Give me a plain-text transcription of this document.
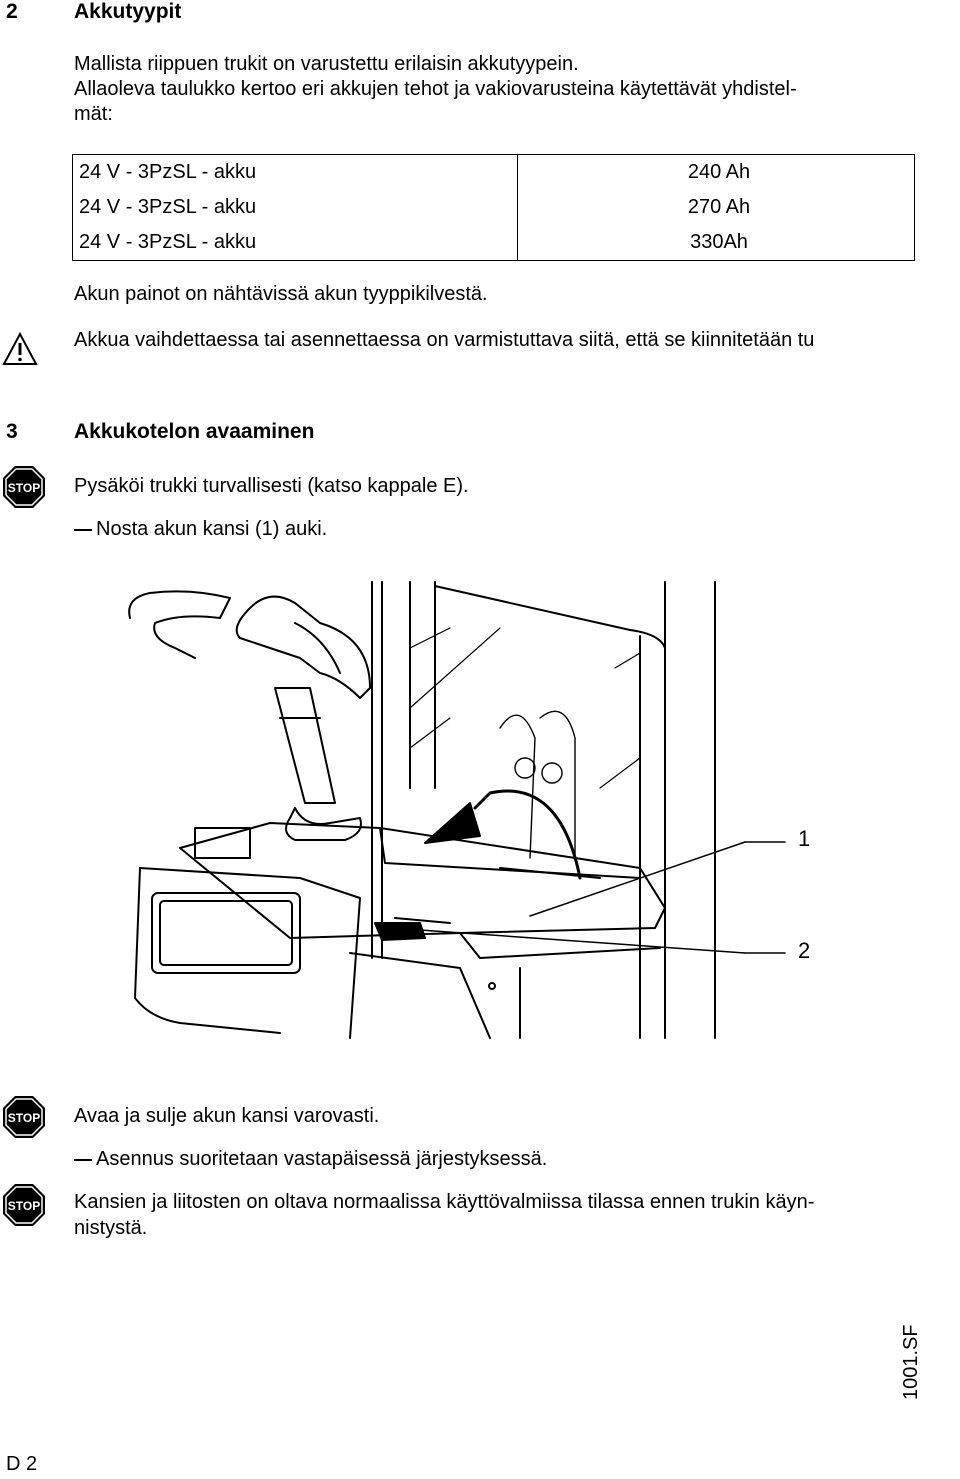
2	Akkutyypit
Mallista riippuen trukit on varustettu erilaisin akkutyypein.
Allaoleva taulukko kertoo eri akkujen tehot ja vakiovarusteina käytettävät yhdistel-
mät:
24 V - 3PzSL - akku	240 Ah
24 V - 3PzSL - akku	270 Ah
24 V - 3PzSL - akku	330Ah
Akun painot on nähtävissä akun tyyppikilvestä.
Akkua vaihdettaessa tai asennettaessa on varmistuttava siitä, että se kiinnitetään tu
3	Akkukotelon avaaminen
STOP Pysäköi trukki turvallisesti (katso kappale E).
Nosta akun kansi (1) auki.
1
2
STOP Avaa ja sulje akun kansi varovasti.
Asennus suoritetaan vastapäisessä järjestyksessä.
STOP Kansien ja liitosten on oltava normaalissa käyttövalmiissa tilassa ennen trukin käyn-
nistystä.
1001.SF
D 2
